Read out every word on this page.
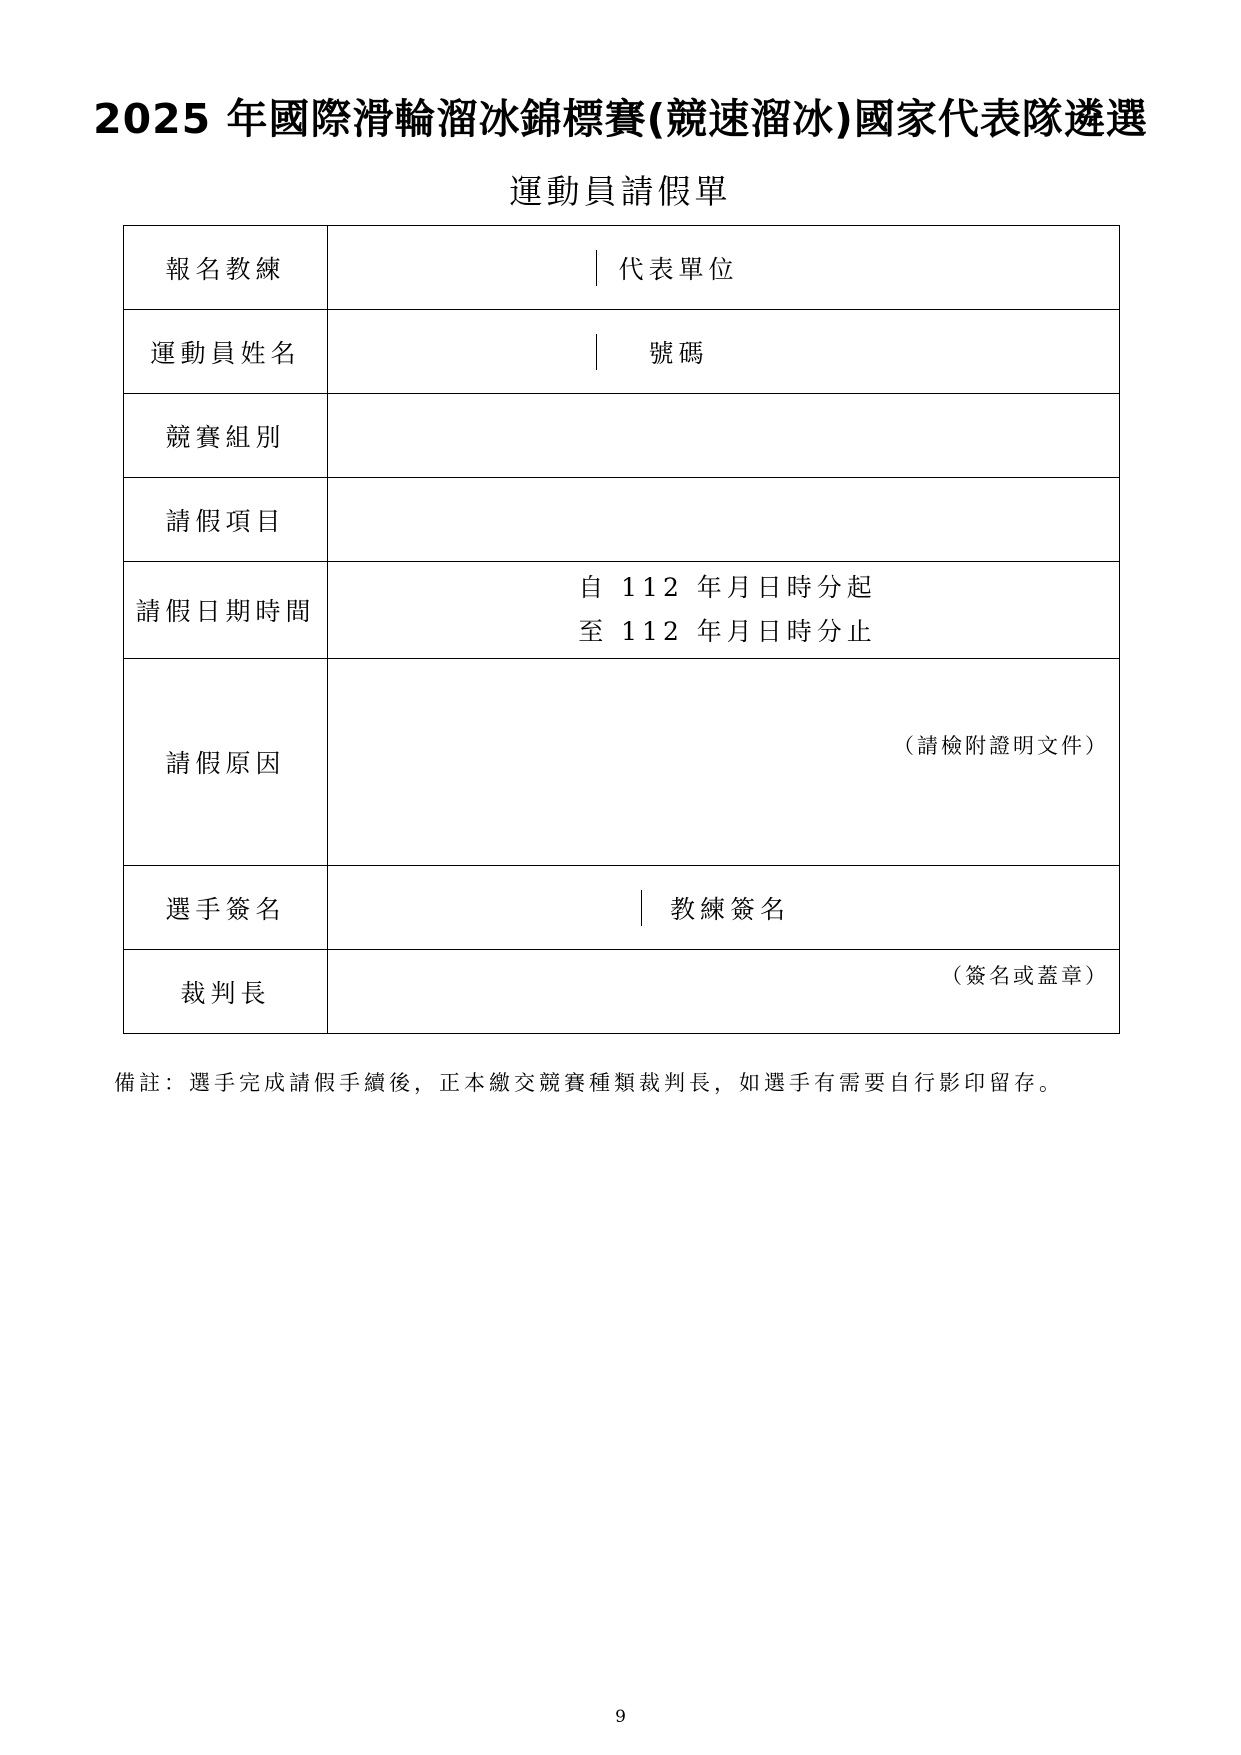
2025 年國際滑輪溜冰錦標賽(競速溜冰)國家代表隊遴選
運動員請假單
報名教練	代表單位

運動員姓名	號碼

競賽組別	
請假項目	
請假日期時間	自 112 年月日時分起
至 112 年月日時分止

請假原因	（請檢附證明文件）

選手簽名	教練簽名

裁判長	（簽名或蓋章）
備註：選手完成請假手續後，正本繳交競賽種類裁判長，如選手有需要自行影印留存。
9
